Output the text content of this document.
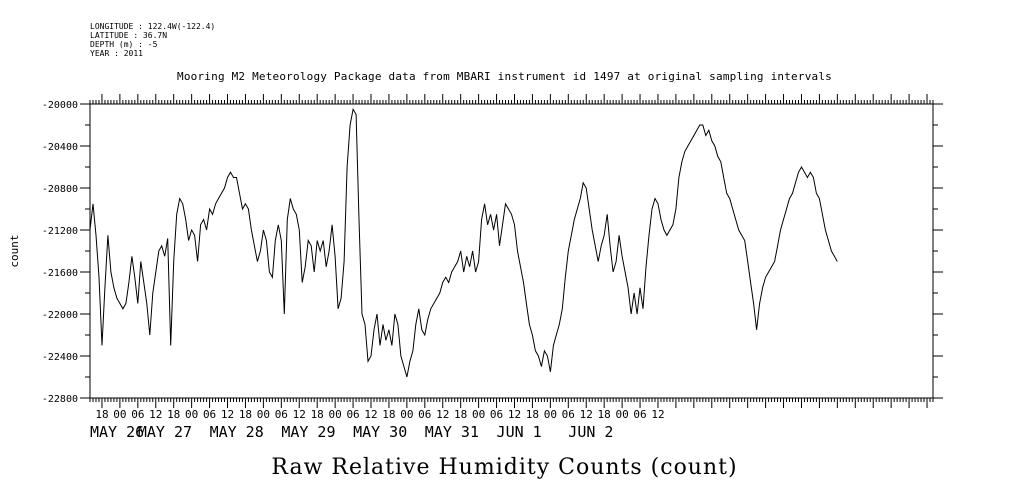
LONGITUDE : 122.4W(-122.4)
LATITUDE : 36.7N
DEPTH (m) : -5
YEAR : 2011
Mooring M2 Meteorology Package data from MBARI instrument id 1497 at original sampling intervals
-20000
-20400
-20800
-21200
-21600
-22000
-22400
-22800
count
18 00 06 12 18 00 06 12 18 00 06 12 18 00 06 12 18 00 06 12 18 00 06 12 18 00 06 12 18 00 06 12
MAY 26
MAY 27 MAY 28 MAY 29 MAY 30 MAY 31 JUN 1 JUN 2
Raw Relative Humidity Counts (count)
